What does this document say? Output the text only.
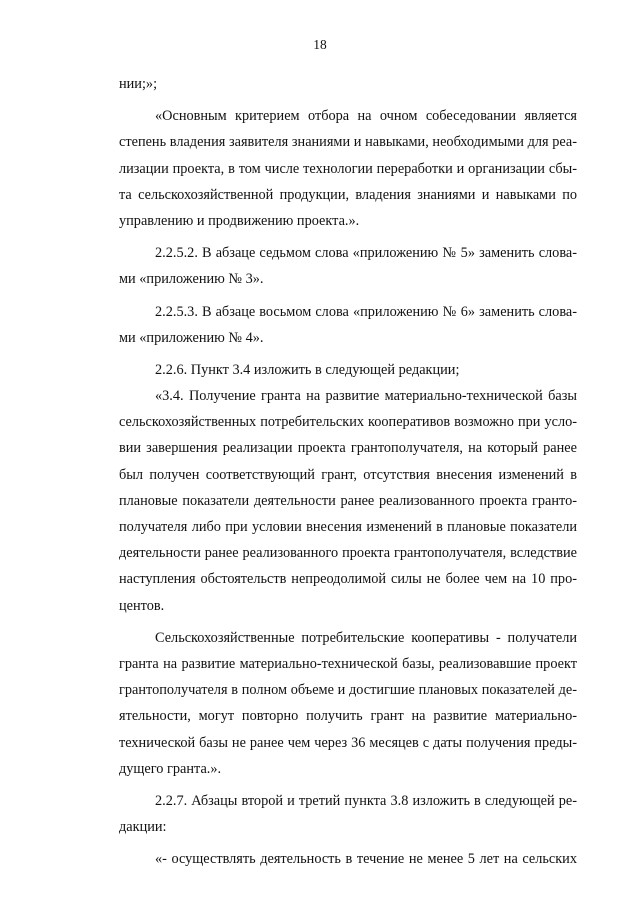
18
нии;»;
«Основным критерием отбора на очном собеседовании является
степень владения заявителя знаниями и навыками, необходимыми для реа-
лизации проекта, в том числе технологии переработки и организации сбы-
та сельскохозяйственной продукции, владения знаниями и навыками по
управлению и продвижению проекта.».
2.2.5.2. В абзаце седьмом слова «приложению № 5» заменить слова-
ми «приложению № 3».
2.2.5.3. В абзаце восьмом слова «приложению № 6» заменить слова-
ми «приложению № 4».
2.2.6. Пункт 3.4 изложить в следующей редакции;
«3.4. Получение гранта на развитие материально-технической базы
сельскохозяйственных потребительских кооперативов возможно при усло-
вии завершения реализации проекта грантополучателя, на который ранее
был получен соответствующий грант, отсутствия внесения изменений в
плановые показатели деятельности ранее реализованного проекта гранто-
получателя либо при условии внесения изменений в плановые показатели
деятельности ранее реализованного проекта грантополучателя, вследствие
наступления обстоятельств непреодолимой силы не более чем на 10 про-
центов.
Сельскохозяйственные потребительские кооперативы - получатели
гранта на развитие материально-технической базы, реализовавшие проект
грантополучателя в полном объеме и достигшие плановых показателей де-
ятельности, могут повторно получить грант на развитие материально-
технической базы не ранее чем через 36 месяцев с даты получения преды-
дущего гранта.».
2.2.7. Абзацы второй и третий пункта 3.8 изложить в следующей ре-
дакции:
«- осуществлять деятельность в течение не менее 5 лет на сельских
